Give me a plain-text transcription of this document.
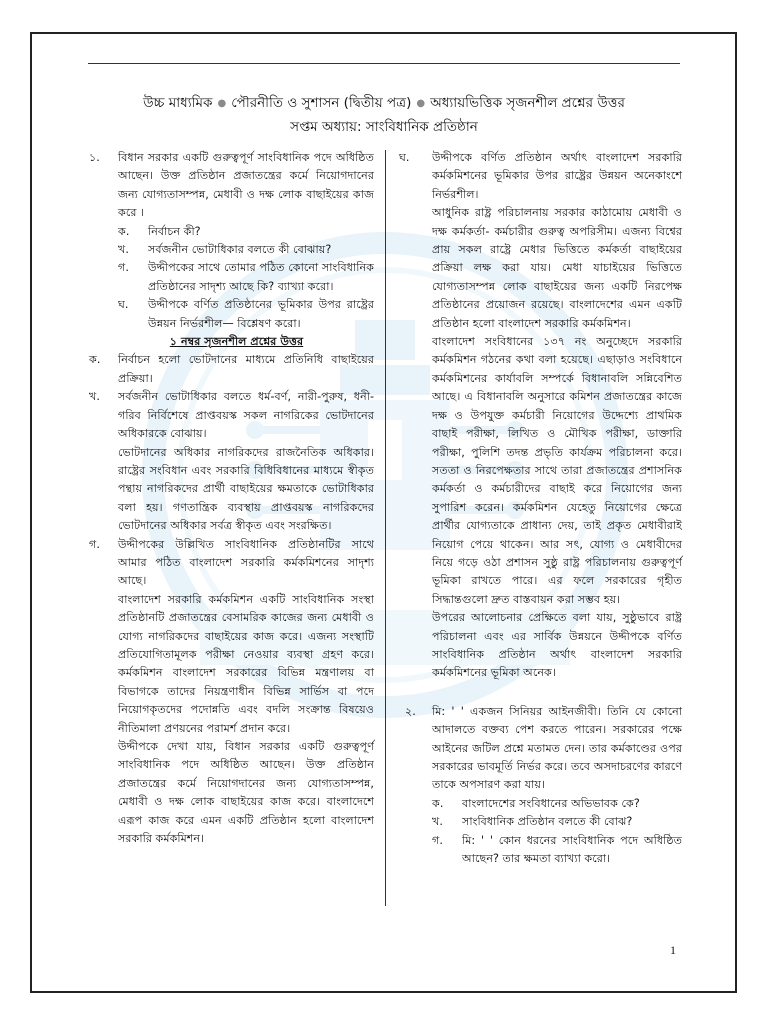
উচ্চ মাধ্যমিক ● পৌরনীতি ও সুশাসন (দ্বিতীয় পত্র) ● অধ্যায়ভিত্তিক সৃজনশীল প্রশ্নের উত্তর
সপ্তম অধ্যায়: সাংবিধানিক প্রতিষ্ঠান
১. বিধান সরকার একটি গুরুত্বপূর্ণ সাংবিধানিক পদে অধিষ্ঠিত আছেন। উক্ত প্রতিষ্ঠান প্রজাতন্ত্রের কর্মে নিয়োগদানের জন্য যোগ্যতাসম্পন্ন, মেধাবী ও দক্ষ লোক বাছাইয়ের কাজ করে ।

ক. নির্বাচন কী?

খ. সর্বজনীন ভোটাধিকার বলতে কী বোঝায়?

গ. উদ্দীপকের সাথে তোমার পঠিত কোনো সাংবিধানিক প্রতিষ্ঠানের সাদৃশ্য আছে কি? ব্যাখ্যা করো।

ঘ. উদ্দীপকে বর্ণিত প্রতিষ্ঠানের ভূমিকার উপর রাষ্ট্রের উন্নয়ন নির্ভরশীল— বিশ্লেষণ করো।

১ নম্বর সৃজনশীল প্রশ্নের উত্তর

ক. নির্বাচন হলো ভোটদানের মাধ্যমে প্রতিনিধি বাছাইয়ের প্রক্রিয়া।

খ. সর্বজনীন ভোটাধিকার বলতে ধর্ম-বর্ণ, নারী-পুরুষ, ধনী-গরিব নির্বিশেষে প্রাপ্তবয়স্ক সকল নাগরিকের ভোটদানের অধিকারকে বোঝায়।

ভোটদানের অধিকার নাগরিকদের রাজনৈতিক অধিকার। রাষ্ট্রের সংবিধান এবং সরকারি বিধিবিধানের মাধ্যমে স্বীকৃত পন্থায় নাগরিকদের প্রার্থী বাছাইয়ের ক্ষমতাকে ভোটাধিকার বলা হয়। গণতান্ত্রিক ব্যবস্থায় প্রাপ্তবয়স্ক নাগরিকদের ভোটদানের অধিকার সর্বত্র স্বীকৃত এবং সংরক্ষিত।

গ. উদ্দীপকের উল্লিখিত সাংবিধানিক প্রতিষ্ঠানটির সাথে আমার পঠিত বাংলাদেশ সরকারি কর্মকমিশনের সাদৃশ্য আছে।

বাংলাদেশ সরকারি কর্মকমিশন একটি সাংবিধানিক সংস্থা প্রতিষ্ঠানটি প্রজাতন্ত্রের বেসামরিক কাজের জন্য মেধাবী ও যোগ্য নাগরিকদের বাছাইয়ের কাজ করে। এজন্য সংস্থাটি প্রতিযোগিতামূলক পরীক্ষা নেওয়ার ব্যবস্থা গ্রহণ করে। কর্মকমিশন বাংলাদেশ সরকারের বিভিন্ন মন্ত্রণালয় বা বিভাগকে তাদের নিয়ন্ত্রণাধীন বিভিন্ন সার্ভিস বা পদে নিয়োগকৃতদের পদোন্নতি এবং বদলি সংক্রান্ত বিষয়েও নীতিমালা প্রণয়নের পরামর্শ প্রদান করে।

উদ্দীপকে দেখা যায়, বিধান সরকার একটি গুরুত্বপূর্ণ সাংবিধানিক পদে অধিষ্ঠিত আছেন। উক্ত প্রতিষ্ঠান প্রজাতন্ত্রের কর্মে নিয়োগদানের জন্য যোগ্যতাসম্পন্ন, মেধাবী ও দক্ষ লোক বাছাইয়ের কাজ করে। বাংলাদেশে এরূপ কাজ করে এমন একটি প্রতিষ্ঠান হলো বাংলাদেশ সরকারি কর্মকমিশন।

ঘ. উদ্দীপকে বর্ণিত প্রতিষ্ঠান অর্থাৎ বাংলাদেশ সরকারি কর্মকমিশনের ভূমিকার উপর রাষ্ট্রের উন্নয়ন অনেকাংশে নির্ভরশীল।

আধুনিক রাষ্ট্র পরিচালনায় সরকার কাঠামোয় মেধাবী ও দক্ষ কর্মকর্তা- কর্মচারীর গুরুত্ব অপরিসীম। এজন্য বিশ্বের প্রায় সকল রাষ্ট্রে মেধার ভিত্তিতে কর্মকর্তা বাছাইয়ের প্রক্রিয়া লক্ষ করা যায়। মেধা যাচাইয়ের ভিত্তিতে যোগ্যতাসম্পন্ন লোক বাছাইয়ের জন্য একটি নিরপেক্ষ প্রতিষ্ঠানের প্রয়োজন রয়েছে। বাংলাদেশের এমন একটি প্রতিষ্ঠান হলো বাংলাদেশ সরকারি কর্মকমিশন।

বাংলাদেশ সংবিধানের ১৩৭ নং অনুচ্ছেদে সরকারি কর্মকমিশন গঠনের কথা বলা হয়েছে। এছাড়াও সংবিধানে কর্মকমিশনের কার্যাবলি সম্পর্কে বিধানাবলি সন্নিবেশিত আছে। এ বিধানাবলি অনুসারে কমিশন প্রজাতন্ত্রের কাজে দক্ষ ও উপযুক্ত কর্মচারী নিয়োগের উদ্দেশ্যে প্রাথমিক বাছাই পরীক্ষা, লিখিত ও মৌখিক পরীক্ষা, ডাক্তারি পরীক্ষা, পুলিশি তদন্ত প্রভৃতি কার্যক্রম পরিচালনা করে। সততা ও নিরপেক্ষতার সাথে তারা প্রজাতন্ত্রের প্রশাসনিক কর্মকর্তা ও কর্মচারীদের বাছাই করে নিয়োগের জন্য সুপারিশ করেন। কর্মকমিশন যেহেতু নিয়োগের ক্ষেত্রে প্রার্থীর যোগ্যতাকে প্রাধান্য দেয়, তাই প্রকৃত মেধাবীরাই নিয়োগ পেয়ে থাকেন। আর সৎ, যোগ্য ও মেধাবীদের নিয়ে গড়ে ওঠা প্রশাসন সুষ্ঠু রাষ্ট্র পরিচালনায় গুরুত্বপূর্ণ ভূমিকা রাখতে পারে। এর ফলে সরকারের গৃহীত সিদ্ধান্তগুলো দ্রুত বাস্তবায়ন করা সম্ভব হয়।

উপরের আলোচনার প্রেক্ষিতে বলা যায়, সুষ্ঠুভাবে রাষ্ট্র পরিচালনা এবং এর সার্বিক উন্নয়নে উদ্দীপকে বর্ণিত সাংবিধানিক প্রতিষ্ঠান অর্থাৎ বাংলাদেশ সরকারি কর্মকমিশনের ভূমিকা অনেক।

২. মি: ' ' একজন সিনিয়র আইনজীবী। তিনি যে কোনো আদালতে বক্তব্য পেশ করতে পারেন। সরকারের পক্ষে আইনের জটিল প্রশ্নে মতামত দেন। তার কর্মকাণ্ডের ওপর সরকারের ভাবমূর্তি নির্ভর করে। তবে অসদাচরণের কারণে তাকে অপসারণ করা যায়।

ক. বাংলাদেশের সংবিধানের অভিভাবক কে?

খ. সাংবিধানিক প্রতিষ্ঠান বলতে কী বোঝ?

গ. মি: ' ' কোন ধরনের সাংবিধানিক পদে অধিষ্ঠিত আছেন? তার ক্ষমতা ব্যাখ্যা করো।

1
